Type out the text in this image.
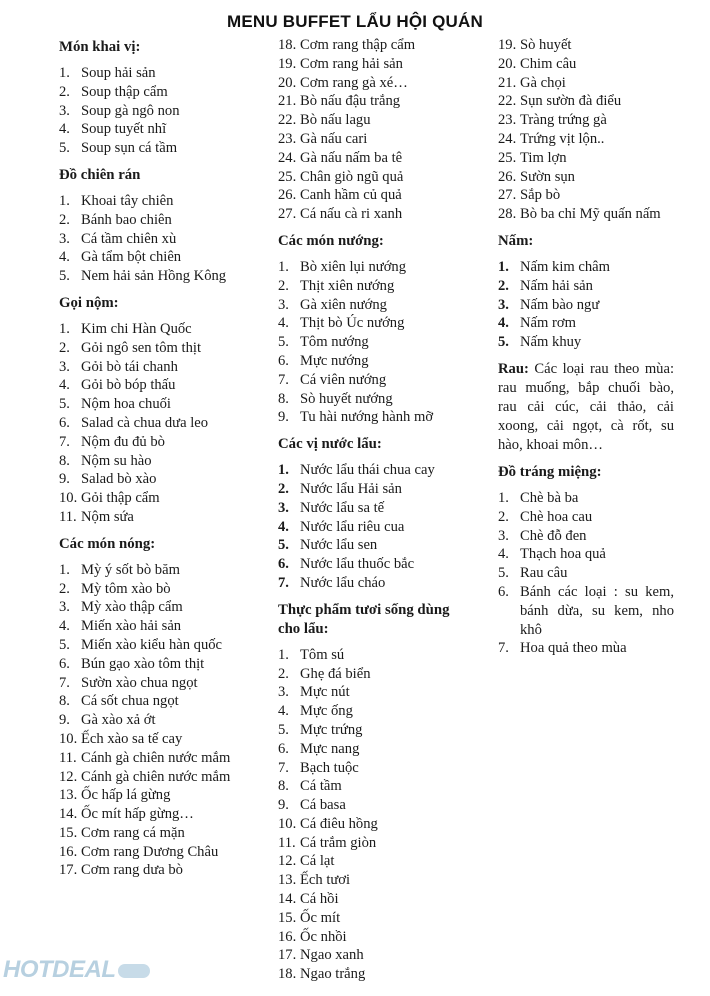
MENU BUFFET LẨU HỘI QUÁN
Món khai vị:
1. Soup hải sản
2. Soup thập cẩm
3. Soup gà ngô non
4. Soup tuyết nhĩ
5. Soup sụn cá tầm
Đồ chiên rán
1. Khoai tây chiên
2. Bánh bao chiên
3. Cá tầm chiên xù
4. Gà tẩm bột chiên
5. Nem hải sản Hồng Kông
Gọi nộm:
1. Kim chi Hàn Quốc
2. Gỏi ngô sen tôm thịt
3. Gỏi bò tái chanh
4. Gỏi bò bóp thấu
5. Nộm hoa chuối
6. Salad cà chua dưa leo
7. Nộm đu đủ bò
8. Nộm su hào
9. Salad bò xào
10. Gỏi thập cẩm
11. Nộm sứa
Các món nóng:
1. Mỳ ý sốt bò băm
2. Mỳ tôm xào bò
3. Mỳ xào thập cẩm
4. Miến xào hải sản
5. Miến xào kiểu hàn quốc
6. Bún gạo xào tôm thịt
7. Sườn xào chua ngọt
8. Cá sốt chua ngọt
9. Gà xào xả ớt
10. Ếch xào sa tế cay
11. Cánh gà chiên nước mắm
12. Cánh gà chiên nước mắm
13. Ốc hấp lá gừng
14. Ốc mít hấp gừng…
15. Cơm rang cá mặn
16. Cơm rang Dương Châu
17. Cơm rang dưa bò
18. Cơm rang thập cẩm
19. Cơm rang hải sản
20. Cơm rang gà xé…
21. Bò nấu đậu trắng
22. Bò nấu lagu
23. Gà nấu cari
24. Gà nấu nấm ba tê
25. Chân giò ngũ quả
26. Canh hầm củ quả
27. Cá nấu cà ri xanh
Các món nướng:
1. Bò xiên lụi nướng
2. Thịt xiên nướng
3. Gà xiên nướng
4. Thịt bò Úc nướng
5. Tôm nướng
6. Mực nướng
7. Cá viên nướng
8. Sò huyết nướng
9. Tu hài nướng hành mỡ
Các vị nước lẩu:
1. Nước lẩu thái chua cay
2. Nước lẩu Hải sản
3. Nước lẩu sa tế
4. Nước lẩu riêu cua
5. Nước lẩu sen
6. Nước lẩu thuốc bắc
7. Nước lẩu cháo
Thực phẩm tươi sống dùng cho lẩu:
1. Tôm sú
2. Ghẹ đá biển
3. Mực nút
4. Mực ống
5. Mực trứng
6. Mực nang
7. Bạch tuộc
8. Cá tầm
9. Cá basa
10. Cá điêu hồng
11. Cá trắm giòn
12. Cá lạt
13. Ếch tươi
14. Cá hồi
15. Ốc mít
16. Ốc nhồi
17. Ngao xanh
18. Ngao trắng
19. Sò huyết
20. Chim câu
21. Gà chọi
22. Sụn sườn đà điểu
23. Tràng trứng gà
24. Trứng vịt lộn..
25. Tim lợn
26. Sườn sụn
27. Sắp bò
28. Bò ba chỉ Mỹ quấn nấm
Nấm:
1. Nấm kim châm
2. Nấm hải sản
3. Nấm bào ngư
4. Nấm rơm
5. Nấm khuy
Rau: Các loại rau theo mùa: rau muống, bắp chuối bào, rau cải cúc, cải thảo, cải xoong, cải ngọt, cà rốt, su hào, khoai môn…
Đồ tráng miệng:
1. Chè bà ba
2. Chè hoa cau
3. Chè đỗ đen
4. Thạch hoa quả
5. Rau câu
6. Bánh các loại : su kem, bánh dừa, su kem, nho khô
7. Hoa quả theo mùa
HOTDEAL
